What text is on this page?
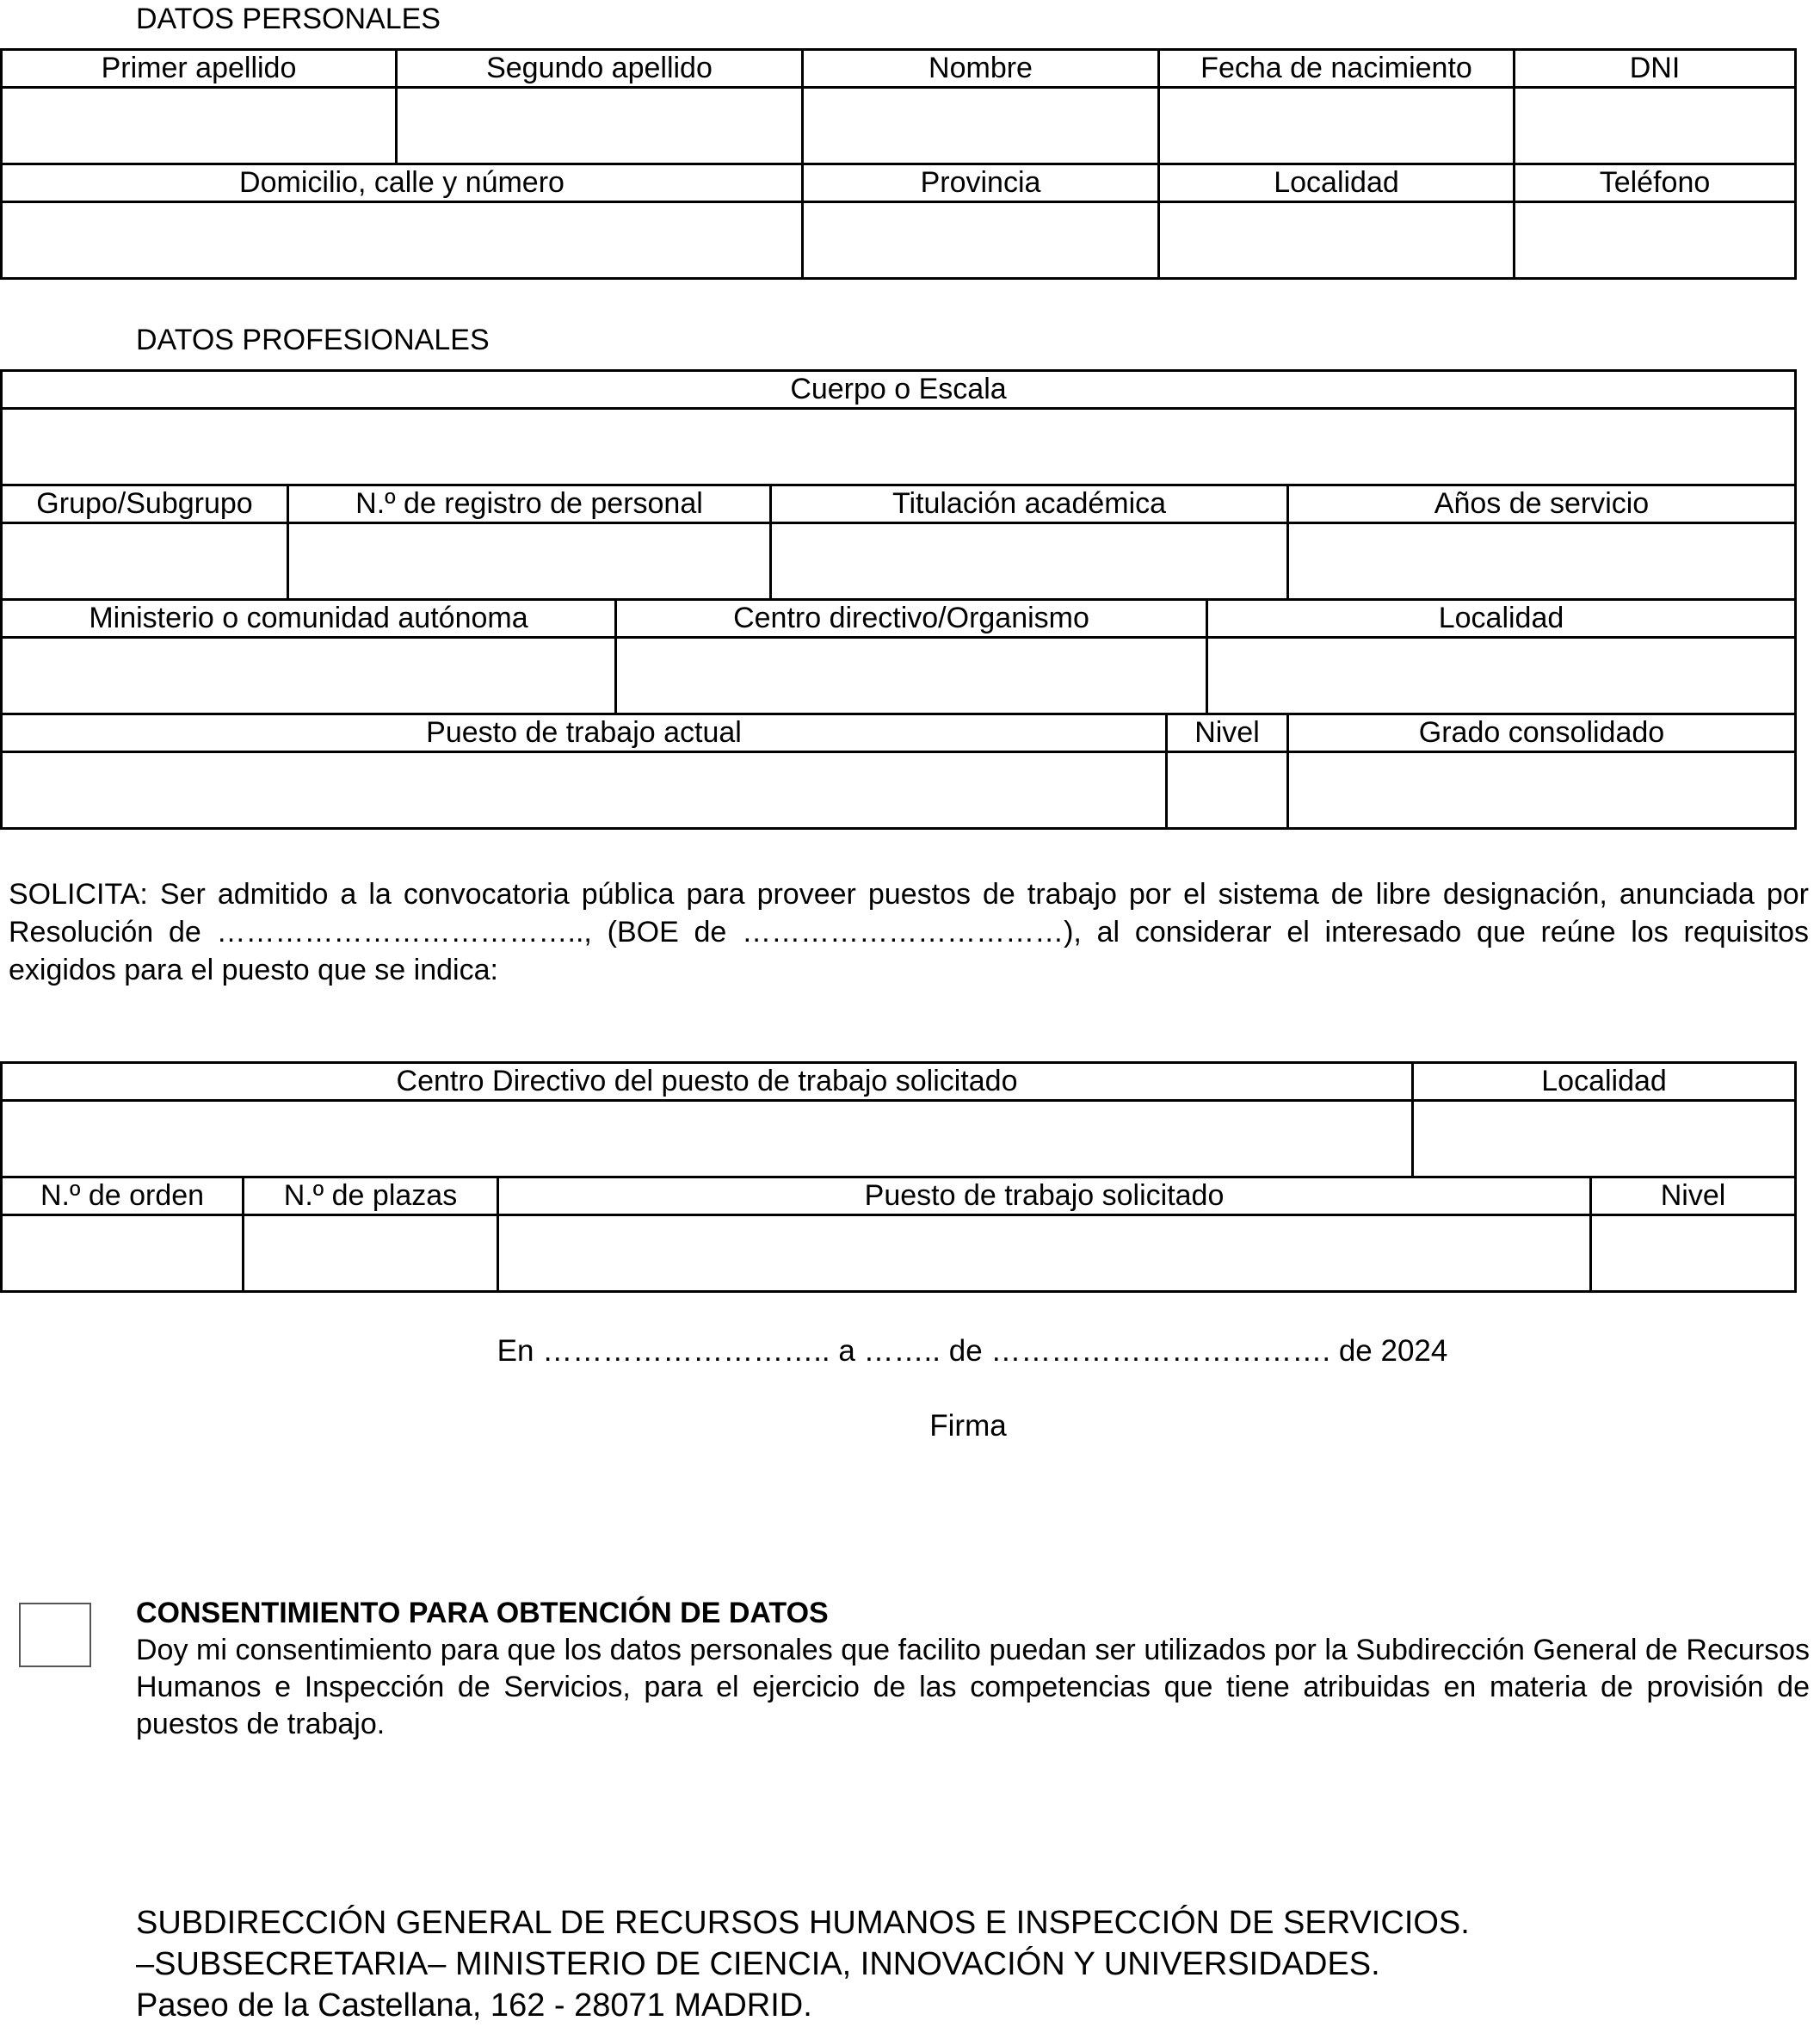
DATOS PERSONALES
Primer apellido	Segundo apellido	Nombre	Fecha de nacimiento	DNI

Domicilio, calle y número		Provincia	Localidad	Teléfono

DATOS PROFESIONALES
Cuerpo o Escala						

Grupo/Subgrupo	N.º de registro de personal		Titulación académica			Años de servicio

Ministerio o comunidad autónoma		Centro directivo/Organismo			Localidad	

Puesto de trabajo actual				Nivel		Grado consolidado

SOLICITA: Ser admitido a la convocatoria pública para proveer puestos de trabajo por el sistema de libre designación, anunciada por Resolución de ……………………………….., (BOE de ……………………………), al considerar el interesado que reúne los requisitos exigidos para el puesto que se indica:
Centro Directivo del puesto de trabajo solicitado			Localidad	

N.º de orden	N.º de plazas	Puesto de trabajo solicitado		Nivel

En ……………………….. a …….. de ……………………………. de 2024
Firma
CONSENTIMIENTO PARA OBTENCIÓN DE DATOS
Doy mi consentimiento para que los datos personales que facilito puedan ser utilizados por la Subdirección General de Recursos Humanos e Inspección de Servicios, para el ejercicio de las competencias que tiene atribuidas en materia de provisión de puestos de trabajo.
SUBDIRECCIÓN GENERAL DE RECURSOS HUMANOS E INSPECCIÓN DE SERVICIOS.
–SUBSECRETARIA– MINISTERIO DE CIENCIA, INNOVACIÓN Y UNIVERSIDADES.
Paseo de la Castellana, 162 - 28071 MADRID.
